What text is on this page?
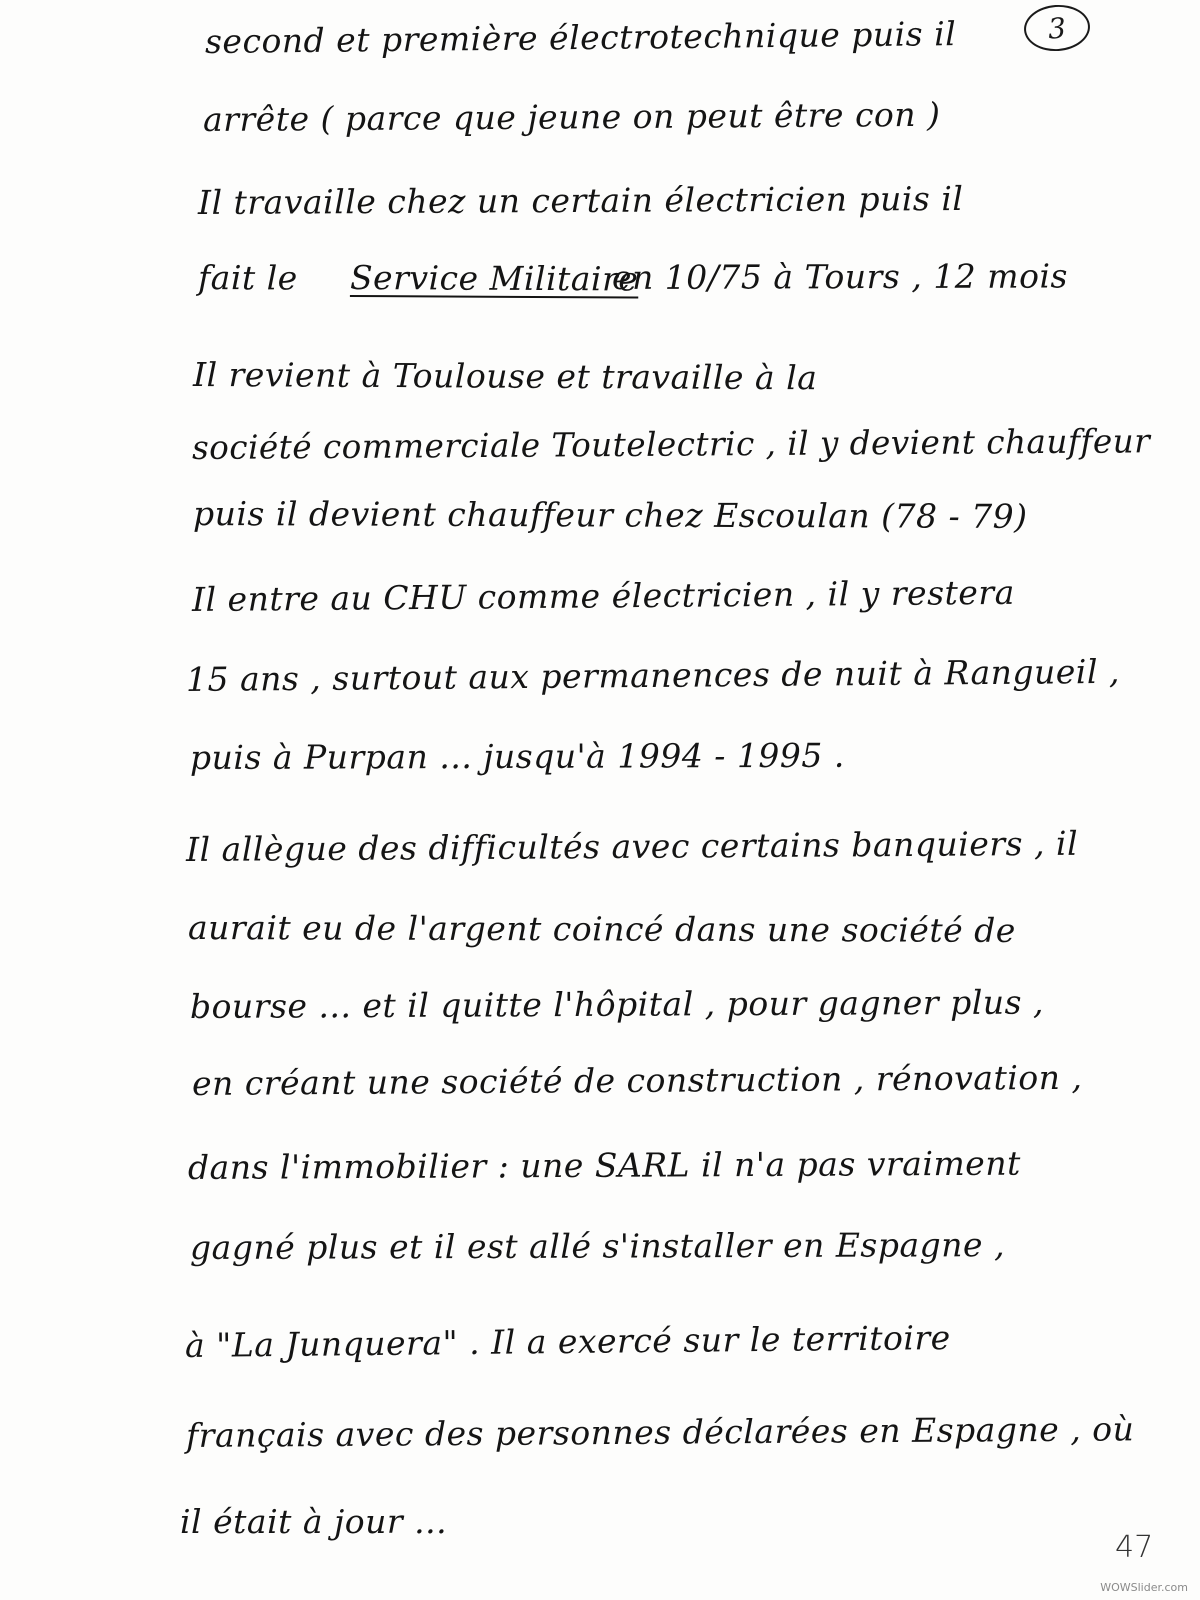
3
second et première électrotechnique puis il
arrête ( parce que jeune on peut être con )
Il travaille chez un certain électricien puis il
fait le Service Militaire
en 10/75 à Tours , 12 mois
Il revient à Toulouse et travaille à la
société commerciale Toutelectric , il y devient chauffeur
puis il devient chauffeur chez Escoulan (78 - 79)
Il entre au CHU comme électricien , il y restera
15 ans , surtout aux permanences de nuit à Rangueil ,
puis à Purpan ... jusqu'à 1994 - 1995 .
Il allègue des difficultés avec certains banquiers , il
aurait eu de l'argent coincé dans une société de
bourse ... et il quitte l'hôpital , pour gagner plus ,
en créant une société de construction , rénovation ,
dans l'immobilier : une SARL il n'a pas vraiment
gagné plus et il est allé s'installer en Espagne ,
à "La Junquera" . Il a exercé sur le territoire
français avec des personnes déclarées en Espagne , où
il était à jour ...
47
WOWSlider.com
